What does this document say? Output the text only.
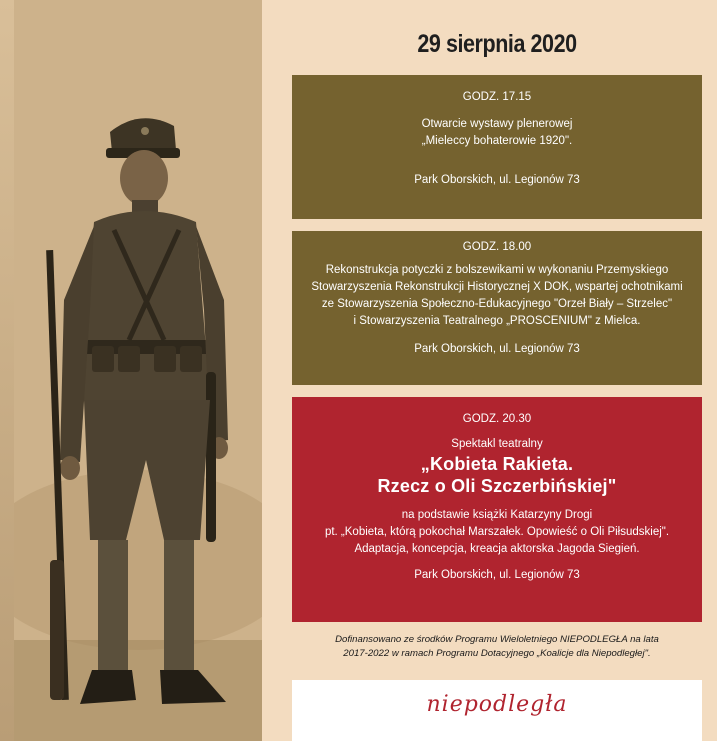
29 sierpnia 2020
GODZ. 17.15
Otwarcie wystawy plenerowej
„Mieleccy bohaterowie 1920".
Park Oborskich, ul. Legionów 73
GODZ. 18.00
Rekonstrukcja potyczki z bolszewikami w wykonaniu Przemyskiego
Stowarzyszenia Rekonstrukcji Historycznej X DOK, wspartej ochotnikami
ze Stowarzyszenia Społeczno-Edukacyjnego "Orzeł Biały – Strzelec"
i Stowarzyszenia Teatralnego „PROSCENIUM" z Mielca.
Park Oborskich, ul. Legionów 73
GODZ. 20.30
Spektakl teatralny
„Kobieta Rakieta.
Rzecz o Oli Szczerbińskiej"
na podstawie książki Katarzyny Drogi
pt. „Kobieta, którą pokochał Marszałek. Opowieść o Oli Piłsudskiej".
Adaptacja, koncepcja, kreacja aktorska Jagoda Siegień.
Park Oborskich, ul. Legionów 73
Dofinansowano ze środków Programu Wieloletniego NIEPODLEGŁA na lata
2017-2022 w ramach Programu Dotacyjnego „Koalicje dla Niepodległej".
niepodległa
